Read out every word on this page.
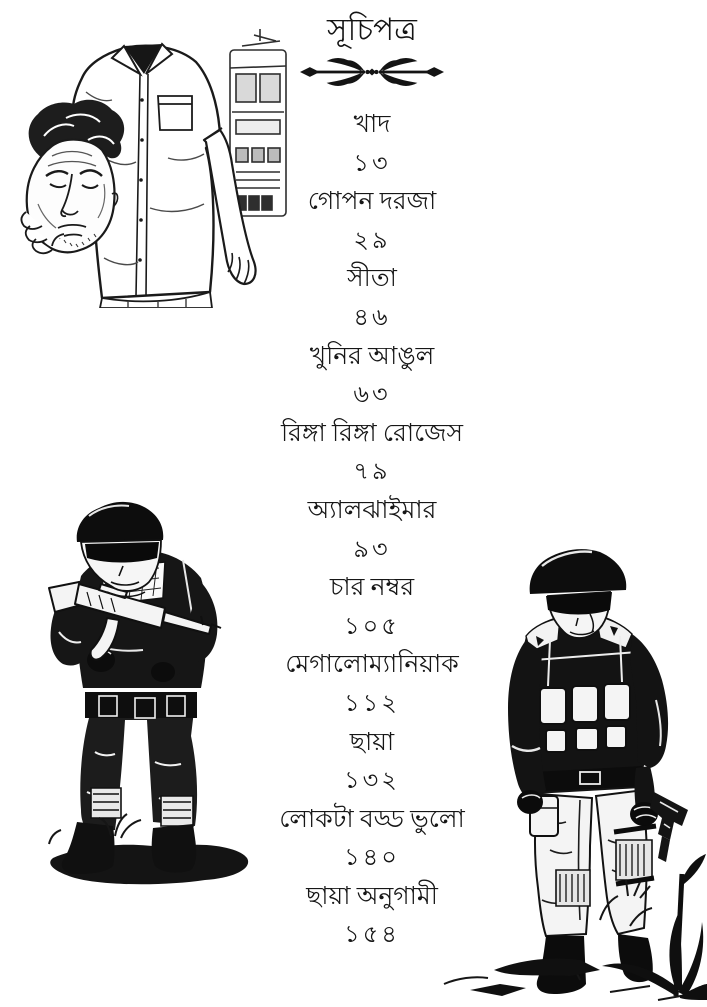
সূচিপত্র
খাদ
১৩
গোপন দরজা
২৯
সীতা
৪৬
খুনির আঙুল
৬৩
রিঙ্গা রিঙ্গা রোজেস
৭৯
অ্যালঝাইমার
৯৩
চার নম্বর
১০৫
মেগালোম্যানিয়াক
১১২
ছায়া
১৩২
লোকটা বড্ড ভুলো
১৪০
ছায়া অনুগামী
১৫৪
